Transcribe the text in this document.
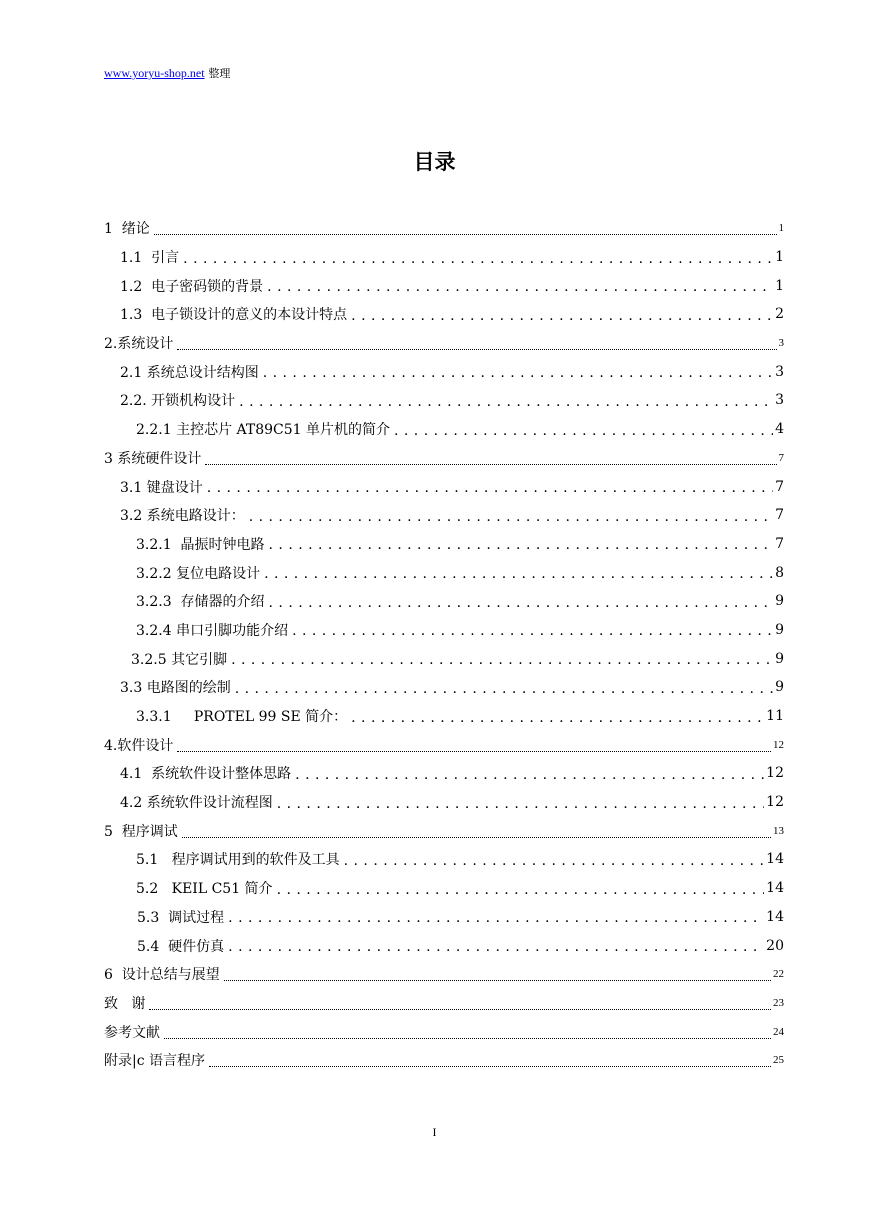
www.yoryu-shop.net 整理
目录
1  绪论	1
1.1  引言 . . .	1
1.2  电子密码锁的背景 . . .	1
1.3  电子锁设计的意义的本设计特点 . . .	2
2.系统设计	3
2.1 系统总设计结构图 . . .	3
2.2. 开锁机构设计 . . .	3
2.2.1 主控芯片 AT89C51 单片机的简介 . . .	4
3 系统硬件设计	7
3.1 键盘设计 . . .	7
3.2 系统电路设计： . . .	7
3.2.1  晶振时钟电路 . . .	7
3.2.2 复位电路设计 . . .	8
3.2.3  存储器的介绍 . . .	9
3.2.4 串口引脚功能介绍 . . .	9
3.2.5 其它引脚 . . .	9
3.3 电路图的绘制 . . .	9
3.3.1     PROTEL 99 SE 简介： . . .	11
4.软件设计	12
4.1  系统软件设计整体思路 . . .	12
4.2 系统软件设计流程图 . . .	12
5  程序调试	13
5.1   程序调试用到的软件及工具 . . .	14
5.2   KEIL C51 简介 . . .	14
5.3  调试过程 . . .	14
5.4  硬件仿真 . . .	20
6  设计总结与展望	22
致   谢	23
参考文献	24
附录|c 语言程序	25
I
